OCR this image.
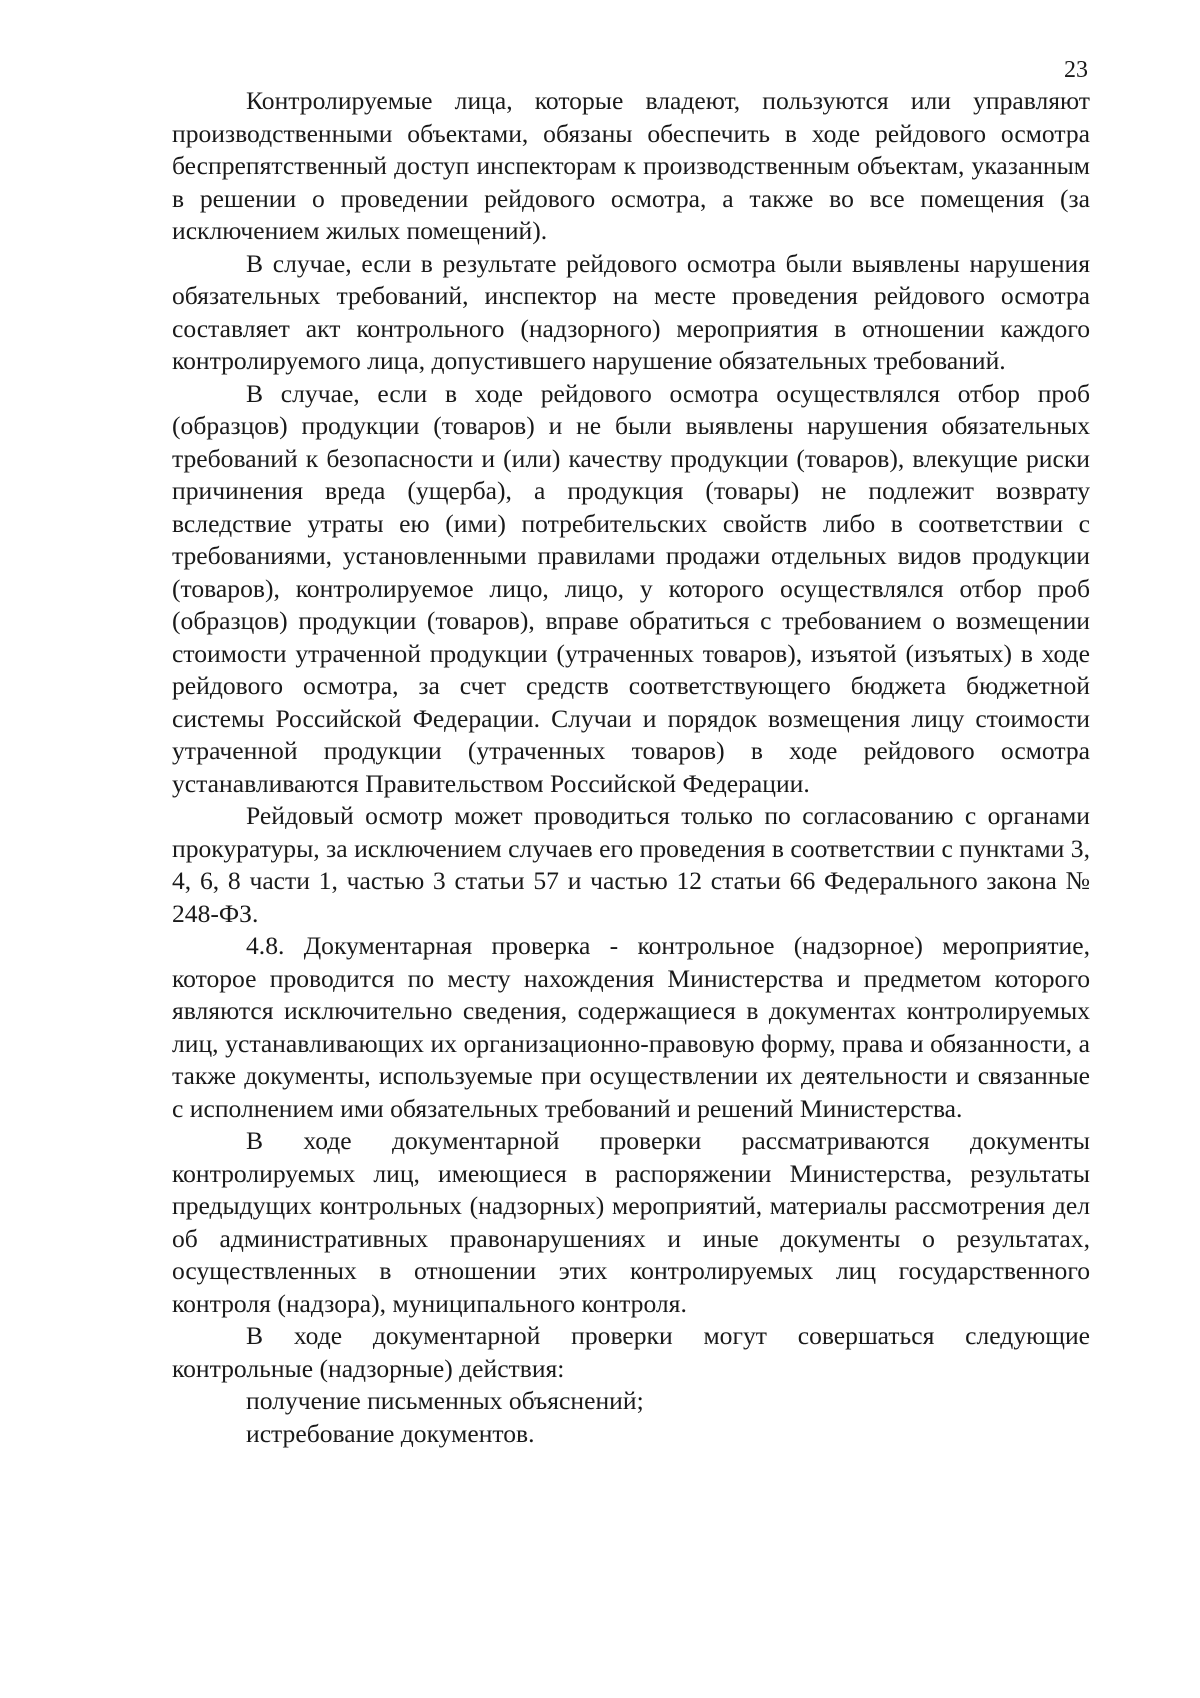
23

Контролируемые лица, которые владеют, пользуются или управляют производственными объектами, обязаны обеспечить в ходе рейдового осмотра беспрепятственный доступ инспекторам к производственным объектам, указанным в решении о проведении рейдового осмотра, а также во все помещения (за исключением жилых помещений).

В случае, если в результате рейдового осмотра были выявлены нарушения обязательных требований, инспектор на месте проведения рейдового осмотра составляет акт контрольного (надзорного) мероприятия в отношении каждого контролируемого лица, допустившего нарушение обязательных требований.

В случае, если в ходе рейдового осмотра осуществлялся отбор проб (образцов) продукции (товаров) и не были выявлены нарушения обязательных требований к безопасности и (или) качеству продукции (товаров), влекущие риски причинения вреда (ущерба), а продукция (товары) не подлежит возврату вследствие утраты ею (ими) потребительских свойств либо в соответствии с требованиями, установленными правилами продажи отдельных видов продукции (товаров), контролируемое лицо, лицо, у которого осуществлялся отбор проб (образцов) продукции (товаров), вправе обратиться с требованием о возмещении стоимости утраченной продукции (утраченных товаров), изъятой (изъятых) в ходе рейдового осмотра, за счет средств соответствующего бюджета бюджетной системы Российской Федерации. Случаи и порядок возмещения лицу стоимости утраченной продукции (утраченных товаров) в ходе рейдового осмотра устанавливаются Правительством Российской Федерации.

Рейдовый осмотр может проводиться только по согласованию с органами прокуратуры, за исключением случаев его проведения в соответствии с пунктами 3, 4, 6, 8 части 1, частью 3 статьи 57 и частью 12 статьи 66 Федерального закона № 248-ФЗ.

4.8. Документарная проверка - контрольное (надзорное) мероприятие, которое проводится по месту нахождения Министерства и предметом которого являются исключительно сведения, содержащиеся в документах контролируемых лиц, устанавливающих их организационно-правовую форму, права и обязанности, а также документы, используемые при осуществлении их деятельности и связанные с исполнением ими обязательных требований и решений Министерства.

В ходе документарной проверки рассматриваются документы контролируемых лиц, имеющиеся в распоряжении Министерства, результаты предыдущих контрольных (надзорных) мероприятий, материалы рассмотрения дел об административных правонарушениях и иные документы о результатах, осуществленных в отношении этих контролируемых лиц государственного контроля (надзора), муниципального контроля.

В ходе документарной проверки могут совершаться следующие контрольные (надзорные) действия:

получение письменных объяснений;

истребование документов.
